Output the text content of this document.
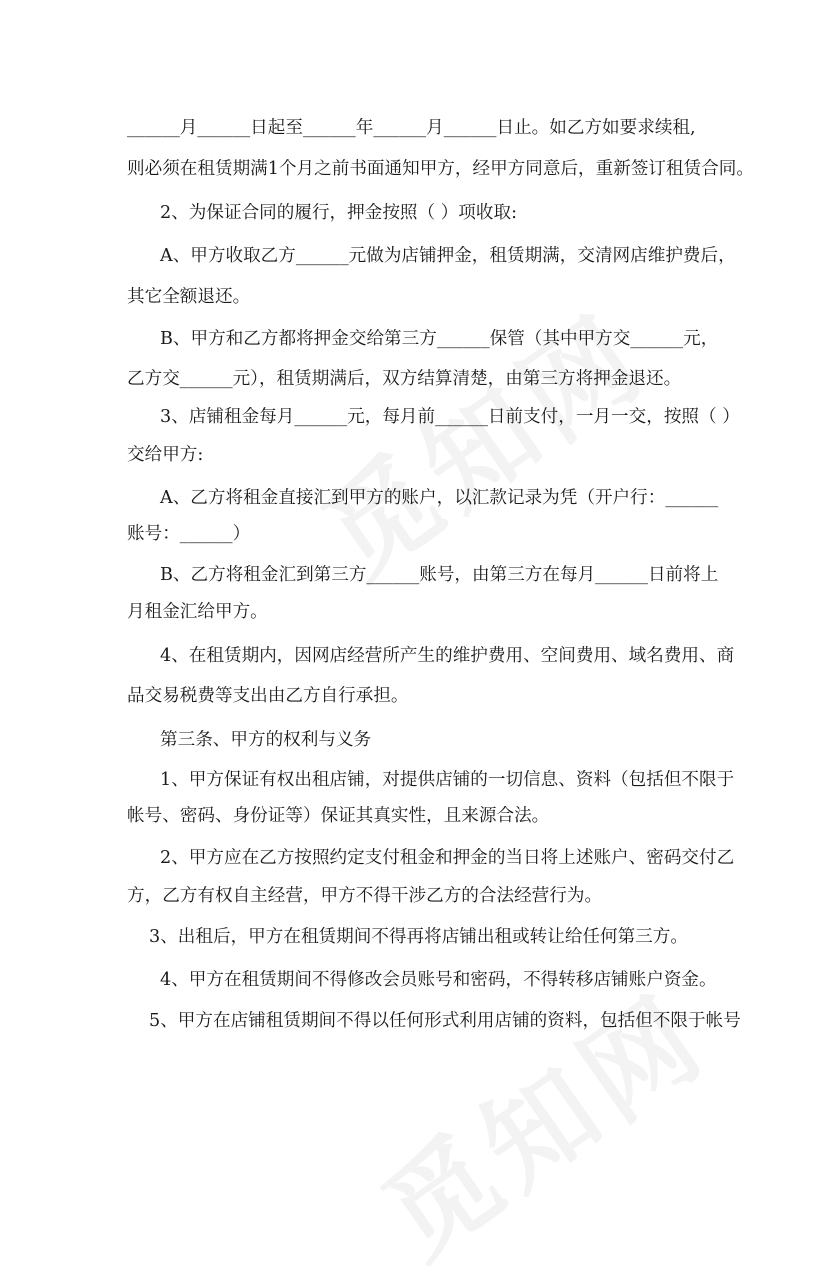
______月______日起至______年______月______日止。如乙方如要求续租,
则必须在租赁期满1个月之前书面通知甲方，经甲方同意后，重新签订租赁合同。
2、为保证合同的履行，押金按照（ ）项收取:
A、甲方收取乙方______元做为店铺押金，租赁期满，交清网店维护费后，
其它全额退还。
B、甲方和乙方都将押金交给第三方______保管（其中甲方交______元，
乙方交______元），租赁期满后，双方结算清楚，由第三方将押金退还。
3、店铺租金每月______元，每月前______日前支付，一月一交，按照（ ）
交给甲方:
A、乙方将租金直接汇到甲方的账户，以汇款记录为凭（开户行：______
账号：______）
B、乙方将租金汇到第三方______账号，由第三方在每月______日前将上
月租金汇给甲方。
4、在租赁期内，因网店经营所产生的维护费用、空间费用、域名费用、商
品交易税费等支出由乙方自行承担。
第三条、甲方的权利与义务
1、甲方保证有权出租店铺，对提供店铺的一切信息、资料（包括但不限于
帐号、密码、身份证等）保证其真实性，且来源合法。
2、甲方应在乙方按照约定支付租金和押金的当日将上述账户、密码交付乙
方，乙方有权自主经营，甲方不得干涉乙方的合法经营行为。
3、出租后，甲方在租赁期间不得再将店铺出租或转让给任何第三方。
4、甲方在租赁期间不得修改会员账号和密码，不得转移店铺账户资金。
5、甲方在店铺租赁期间不得以任何形式利用店铺的资料，包括但不限于帐号
